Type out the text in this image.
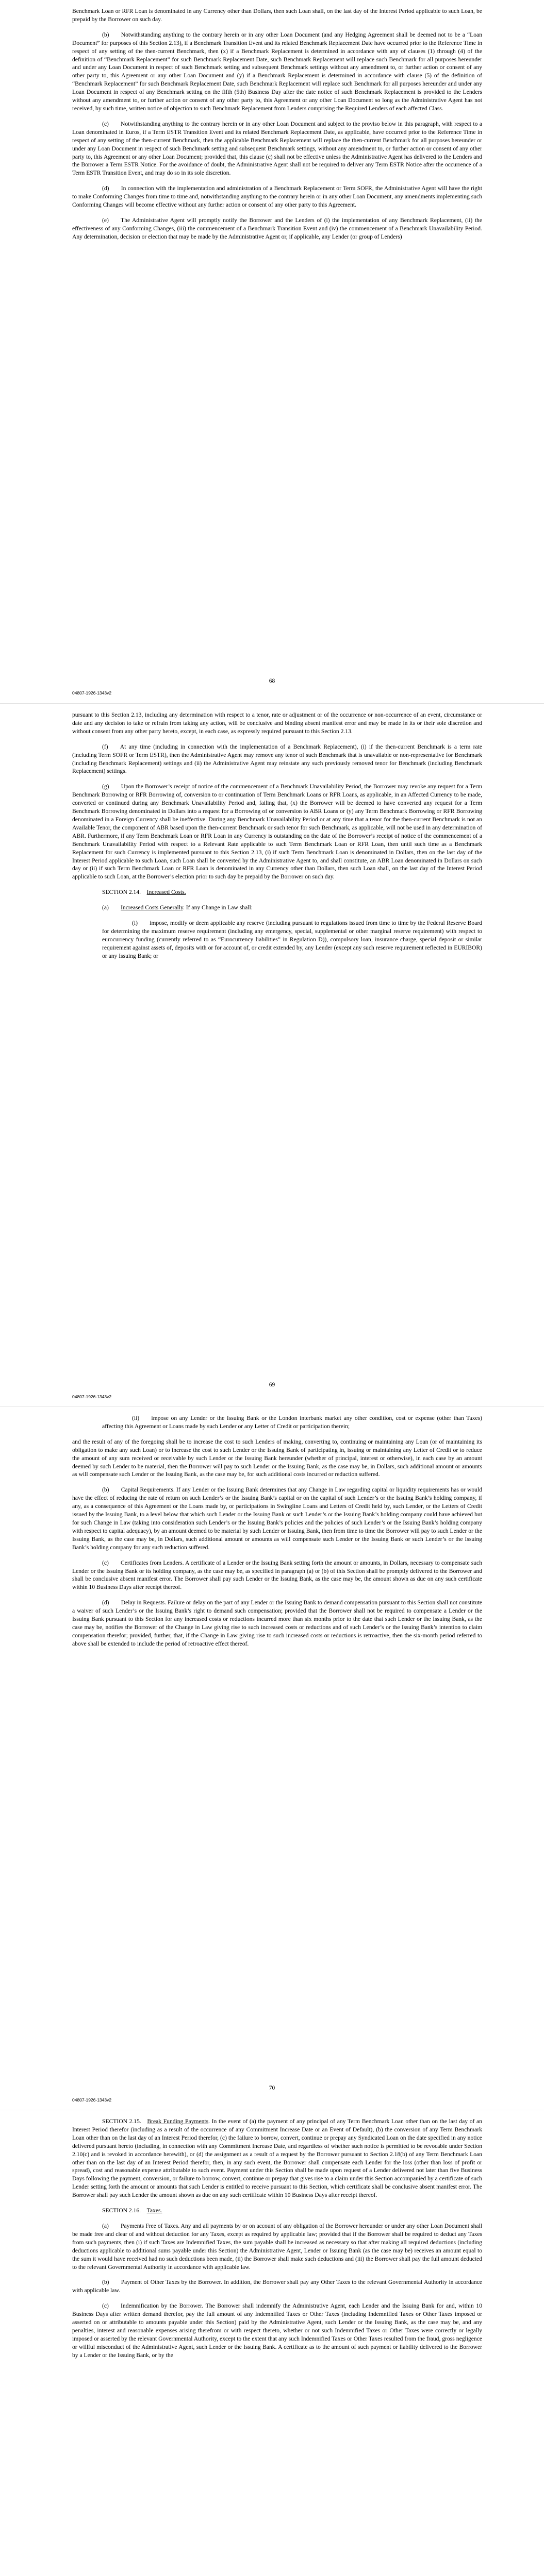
Benchmark Loan or RFR Loan is denominated in any Currency other than Dollars, then such Loan shall, on the last day of the Interest Period applicable to such Loan, be prepaid by the Borrower on such day.

(b)  Notwithstanding anything to the contrary herein or in any other Loan Document (and any Hedging Agreement shall be deemed not to be a “Loan Document” for purposes of this Section 2.13), if a Benchmark Transition Event and its related Benchmark Replacement Date have occurred prior to the Reference Time in respect of any setting of the then-current Benchmark, then (x) if a Benchmark Replacement is determined in accordance with any of clauses (1) through (4) of the definition of “Benchmark Replacement” for such Benchmark Replacement Date, such Benchmark Replacement will replace such Benchmark for all purposes hereunder and under any Loan Document in respect of such Benchmark setting and subsequent Benchmark settings without any amendment to, or further action or consent of any other party to, this Agreement or any other Loan Document and (y) if a Benchmark Replacement is determined in accordance with clause (5) of the definition of “Benchmark Replacement” for such Benchmark Replacement Date, such Benchmark Replacement will replace such Benchmark for all purposes hereunder and under any Loan Document in respect of any Benchmark setting on the fifth (5th) Business Day after the date notice of such Benchmark Replacement is provided to the Lenders without any amendment to, or further action or consent of any other party to, this Agreement or any other Loan Document so long as the Administrative Agent has not received, by such time, written notice of objection to such Benchmark Replacement from Lenders comprising the Required Lenders of each affected Class.

(c)  Notwithstanding anything to the contrary herein or in any other Loan Document and subject to the proviso below in this paragraph, with respect to a Loan denominated in Euros, if a Term ESTR Transition Event and its related Benchmark Replacement Date, as applicable, have occurred prior to the Reference Time in respect of any setting of the then-current Benchmark, then the applicable Benchmark Replacement will replace the then-current Benchmark for all purposes hereunder or under any Loan Document in respect of such Benchmark setting and subsequent Benchmark settings, without any amendment to, or further action or consent of any other party to, this Agreement or any other Loan Document; provided that, this clause (c) shall not be effective unless the Administrative Agent has delivered to the Lenders and the Borrower a Term ESTR Notice. For the avoidance of doubt, the Administrative Agent shall not be required to deliver any Term ESTR Notice after the occurrence of a Term ESTR Transition Event, and may do so in its sole discretion.

(d)  In connection with the implementation and administration of a Benchmark Replacement or Term SOFR, the Administrative Agent will have the right to make Conforming Changes from time to time and, notwithstanding anything to the contrary herein or in any other Loan Document, any amendments implementing such Conforming Changes will become effective without any further action or consent of any other party to this Agreement.

(e)  The Administrative Agent will promptly notify the Borrower and the Lenders of (i) the implementation of any Benchmark Replacement, (ii) the effectiveness of any Conforming Changes, (iii) the commencement of a Benchmark Transition Event and (iv) the commencement of a Benchmark Unavailability Period. Any determination, decision or election that may be made by the Administrative Agent or, if applicable, any Lender (or group of Lenders)

68
04807-1926-1343v2

pursuant to this Section 2.13, including any determination with respect to a tenor, rate or adjustment or of the occurrence or non-occurrence of an event, circumstance or date and any decision to take or refrain from taking any action, will be conclusive and binding absent manifest error and may be made in its or their sole discretion and without consent from any other party hereto, except, in each case, as expressly required pursuant to this Section 2.13.

(f)  At any time (including in connection with the implementation of a Benchmark Replacement), (i) if the then-current Benchmark is a term rate (including Term SOFR or Term ESTR), then the Administrative Agent may remove any tenor of such Benchmark that is unavailable or non-representative for Benchmark (including Benchmark Replacement) settings and (ii) the Administrative Agent may reinstate any such previously removed tenor for Benchmark (including Benchmark Replacement) settings.

(g)  Upon the Borrower’s receipt of notice of the commencement of a Benchmark Unavailability Period, the Borrower may revoke any request for a Term Benchmark Borrowing or RFR Borrowing of, conversion to or continuation of Term Benchmark Loans or RFR Loans, as applicable, in an Affected Currency to be made, converted or continued during any Benchmark Unavailability Period and, failing that, (x) the Borrower will be deemed to have converted any request for a Term Benchmark Borrowing denominated in Dollars into a request for a Borrowing of or conversion to ABR Loans or (y) any Term Benchmark Borrowing or RFR Borrowing denominated in a Foreign Currency shall be ineffective. During any Benchmark Unavailability Period or at any time that a tenor for the then-current Benchmark is not an Available Tenor, the component of ABR based upon the then-current Benchmark or such tenor for such Benchmark, as applicable, will not be used in any determination of ABR. Furthermore, if any Term Benchmark Loan or RFR Loan in any Currency is outstanding on the date of the Borrower’s receipt of notice of the commencement of a Benchmark Unavailability Period with respect to a Relevant Rate applicable to such Term Benchmark Loan or RFR Loan, then until such time as a Benchmark Replacement for such Currency is implemented pursuant to this Section 2.13, (i) if such Term Benchmark Loan is denominated in Dollars, then on the last day of the Interest Period applicable to such Loan, such Loan shall be converted by the Administrative Agent to, and shall constitute, an ABR Loan denominated in Dollars on such day or (ii) if such Term Benchmark Loan or RFR Loan is denominated in any Currency other than Dollars, then such Loan shall, on the last day of the Interest Period applicable to such Loan, at the Borrower’s election prior to such day be prepaid by the Borrower on such day.

SECTION 2.14.  Increased Costs.
(a)   Increased Costs Generally. If any Change in Law shall:

(i)  impose, modify or deem applicable any reserve (including pursuant to regulations issued from time to time by the Federal Reserve Board for determining the maximum reserve requirement (including any emergency, special, supplemental or other marginal reserve requirement) with respect to eurocurrency funding (currently referred to as “Eurocurrency liabilities” in Regulation D)), compulsory loan, insurance charge, special deposit or similar requirement against assets of, deposits with or for account of, or credit extended by, any Lender (except any such reserve requirement reflected in EURIBOR) or any Issuing Bank; or

69
04807-1926-1343v2

(ii)  impose on any Lender or the Issuing Bank or the London interbank market any other condition, cost or expense (other than Taxes) affecting this Agreement or Loans made by such Lender or any Letter of Credit or participation therein;

and the result of any of the foregoing shall be to increase the cost to such Lenders of making, converting to, continuing or maintaining any Loan (or of maintaining its obligation to make any such Loan) or to increase the cost to such Lender or the Issuing Bank of participating in, issuing or maintaining any Letter of Credit or to reduce the amount of any sum received or receivable by such Lender or the Issuing Bank hereunder (whether of principal, interest or otherwise), in each case by an amount deemed by such Lender to be material, then the Borrower will pay to such Lender or the Issuing Bank, as the case may be, in Dollars, such additional amount or amounts as will compensate such Lender or the Issuing Bank, as the case may be, for such additional costs incurred or reduction suffered.

(b)  Capital Requirements. If any Lender or the Issuing Bank determines that any Change in Law regarding capital or liquidity requirements has or would have the effect of reducing the rate of return on such Lender’s or the Issuing Bank’s capital or on the capital of such Lender’s or the Issuing Bank’s holding company, if any, as a consequence of this Agreement or the Loans made by, or participations in Swingline Loans and Letters of Credit held by, such Lender, or the Letters of Credit issued by the Issuing Bank, to a level below that which such Lender or the Issuing Bank or such Lender’s or the Issuing Bank’s holding company could have achieved but for such Change in Law (taking into consideration such Lender’s or the Issuing Bank’s policies and the policies of such Lender’s or the Issuing Bank’s holding company with respect to capital adequacy), by an amount deemed to be material by such Lender or Issuing Bank, then from time to time the Borrower will pay to such Lender or the Issuing Bank, as the case may be, in Dollars, such additional amount or amounts as will compensate such Lender or the Issuing Bank or such Lender’s or the Issuing Bank’s holding company for any such reduction suffered.

(c)  Certificates from Lenders. A certificate of a Lender or the Issuing Bank setting forth the amount or amounts, in Dollars, necessary to compensate such Lender or the Issuing Bank or its holding company, as the case may be, as specified in paragraph (a) or (b) of this Section shall be promptly delivered to the Borrower and shall be conclusive absent manifest error. The Borrower shall pay such Lender or the Issuing Bank, as the case may be, the amount shown as due on any such certificate within 10 Business Days after receipt thereof.

(d)  Delay in Requests. Failure or delay on the part of any Lender or the Issuing Bank to demand compensation pursuant to this Section shall not constitute a waiver of such Lender’s or the Issuing Bank’s right to demand such compensation; provided that the Borrower shall not be required to compensate a Lender or the Issuing Bank pursuant to this Section for any increased costs or reductions incurred more than six months prior to the date that such Lender or the Issuing Bank, as the case may be, notifies the Borrower of the Change in Law giving rise to such increased costs or reductions and of such Lender’s or the Issuing Bank’s intention to claim compensation therefor; provided, further, that, if the Change in Law giving rise to such increased costs or reductions is retroactive, then the six-month period referred to above shall be extended to include the period of retroactive effect thereof.

70
04807-1926-1343v2

SECTION 2.15.  Break Funding Payments. In the event of (a) the payment of any principal of any Term Benchmark Loan other than on the last day of an Interest Period therefor (including as a result of the occurrence of any Commitment Increase Date or an Event of Default), (b) the conversion of any Term Benchmark Loan other than on the last day of an Interest Period therefor, (c) the failure to borrow, convert, continue or prepay any Syndicated Loan on the date specified in any notice delivered pursuant hereto (including, in connection with any Commitment Increase Date, and regardless of whether such notice is permitted to be revocable under Section 2.10(c) and is revoked in accordance herewith), or (d) the assignment as a result of a request by the Borrower pursuant to Section 2.18(b) of any Term Benchmark Loan other than on the last day of an Interest Period therefor, then, in any such event, the Borrower shall compensate each Lender for the loss (other than loss of profit or spread), cost and reasonable expense attributable to such event. Payment under this Section shall be made upon request of a Lender delivered not later than five Business Days following the payment, conversion, or failure to borrow, convert, continue or prepay that gives rise to a claim under this Section accompanied by a certificate of such Lender setting forth the amount or amounts that such Lender is entitled to receive pursuant to this Section, which certificate shall be conclusive absent manifest error. The Borrower shall pay such Lender the amount shown as due on any such certificate within 10 Business Days after receipt thereof.

SECTION 2.16.  Taxes.

(a)  Payments Free of Taxes. Any and all payments by or on account of any obligation of the Borrower hereunder or under any other Loan Document shall be made free and clear of and without deduction for any Taxes, except as required by applicable law; provided that if the Borrower shall be required to deduct any Taxes from such payments, then (i) if such Taxes are Indemnified Taxes, the sum payable shall be increased as necessary so that after making all required deductions (including deductions applicable to additional sums payable under this Section) the Administrative Agent, Lender or Issuing Bank (as the case may be) receives an amount equal to the sum it would have received had no such deductions been made, (ii) the Borrower shall make such deductions and (iii) the Borrower shall pay the full amount deducted to the relevant Governmental Authority in accordance with applicable law.

(b)  Payment of Other Taxes by the Borrower. In addition, the Borrower shall pay any Other Taxes to the relevant Governmental Authority in accordance with applicable law.

(c)  Indemnification by the Borrower. The Borrower shall indemnify the Administrative Agent, each Lender and the Issuing Bank for and, within 10 Business Days after written demand therefor, pay the full amount of any Indemnified Taxes or Other Taxes (including Indemnified Taxes or Other Taxes imposed or asserted on or attributable to amounts payable under this Section) paid by the Administrative Agent, such Lender or the Issuing Bank, as the case may be, and any penalties, interest and reasonable expenses arising therefrom or with respect thereto, whether or not such Indemnified Taxes or Other Taxes were correctly or legally imposed or asserted by the relevant Governmental Authority, except to the extent that any such Indemnified Taxes or Other Taxes resulted from the fraud, gross negligence or willful misconduct of the Administrative Agent, such Lender or the Issuing Bank. A certificate as to the amount of such payment or liability delivered to the Borrower by a Lender or the Issuing Bank, or by the
